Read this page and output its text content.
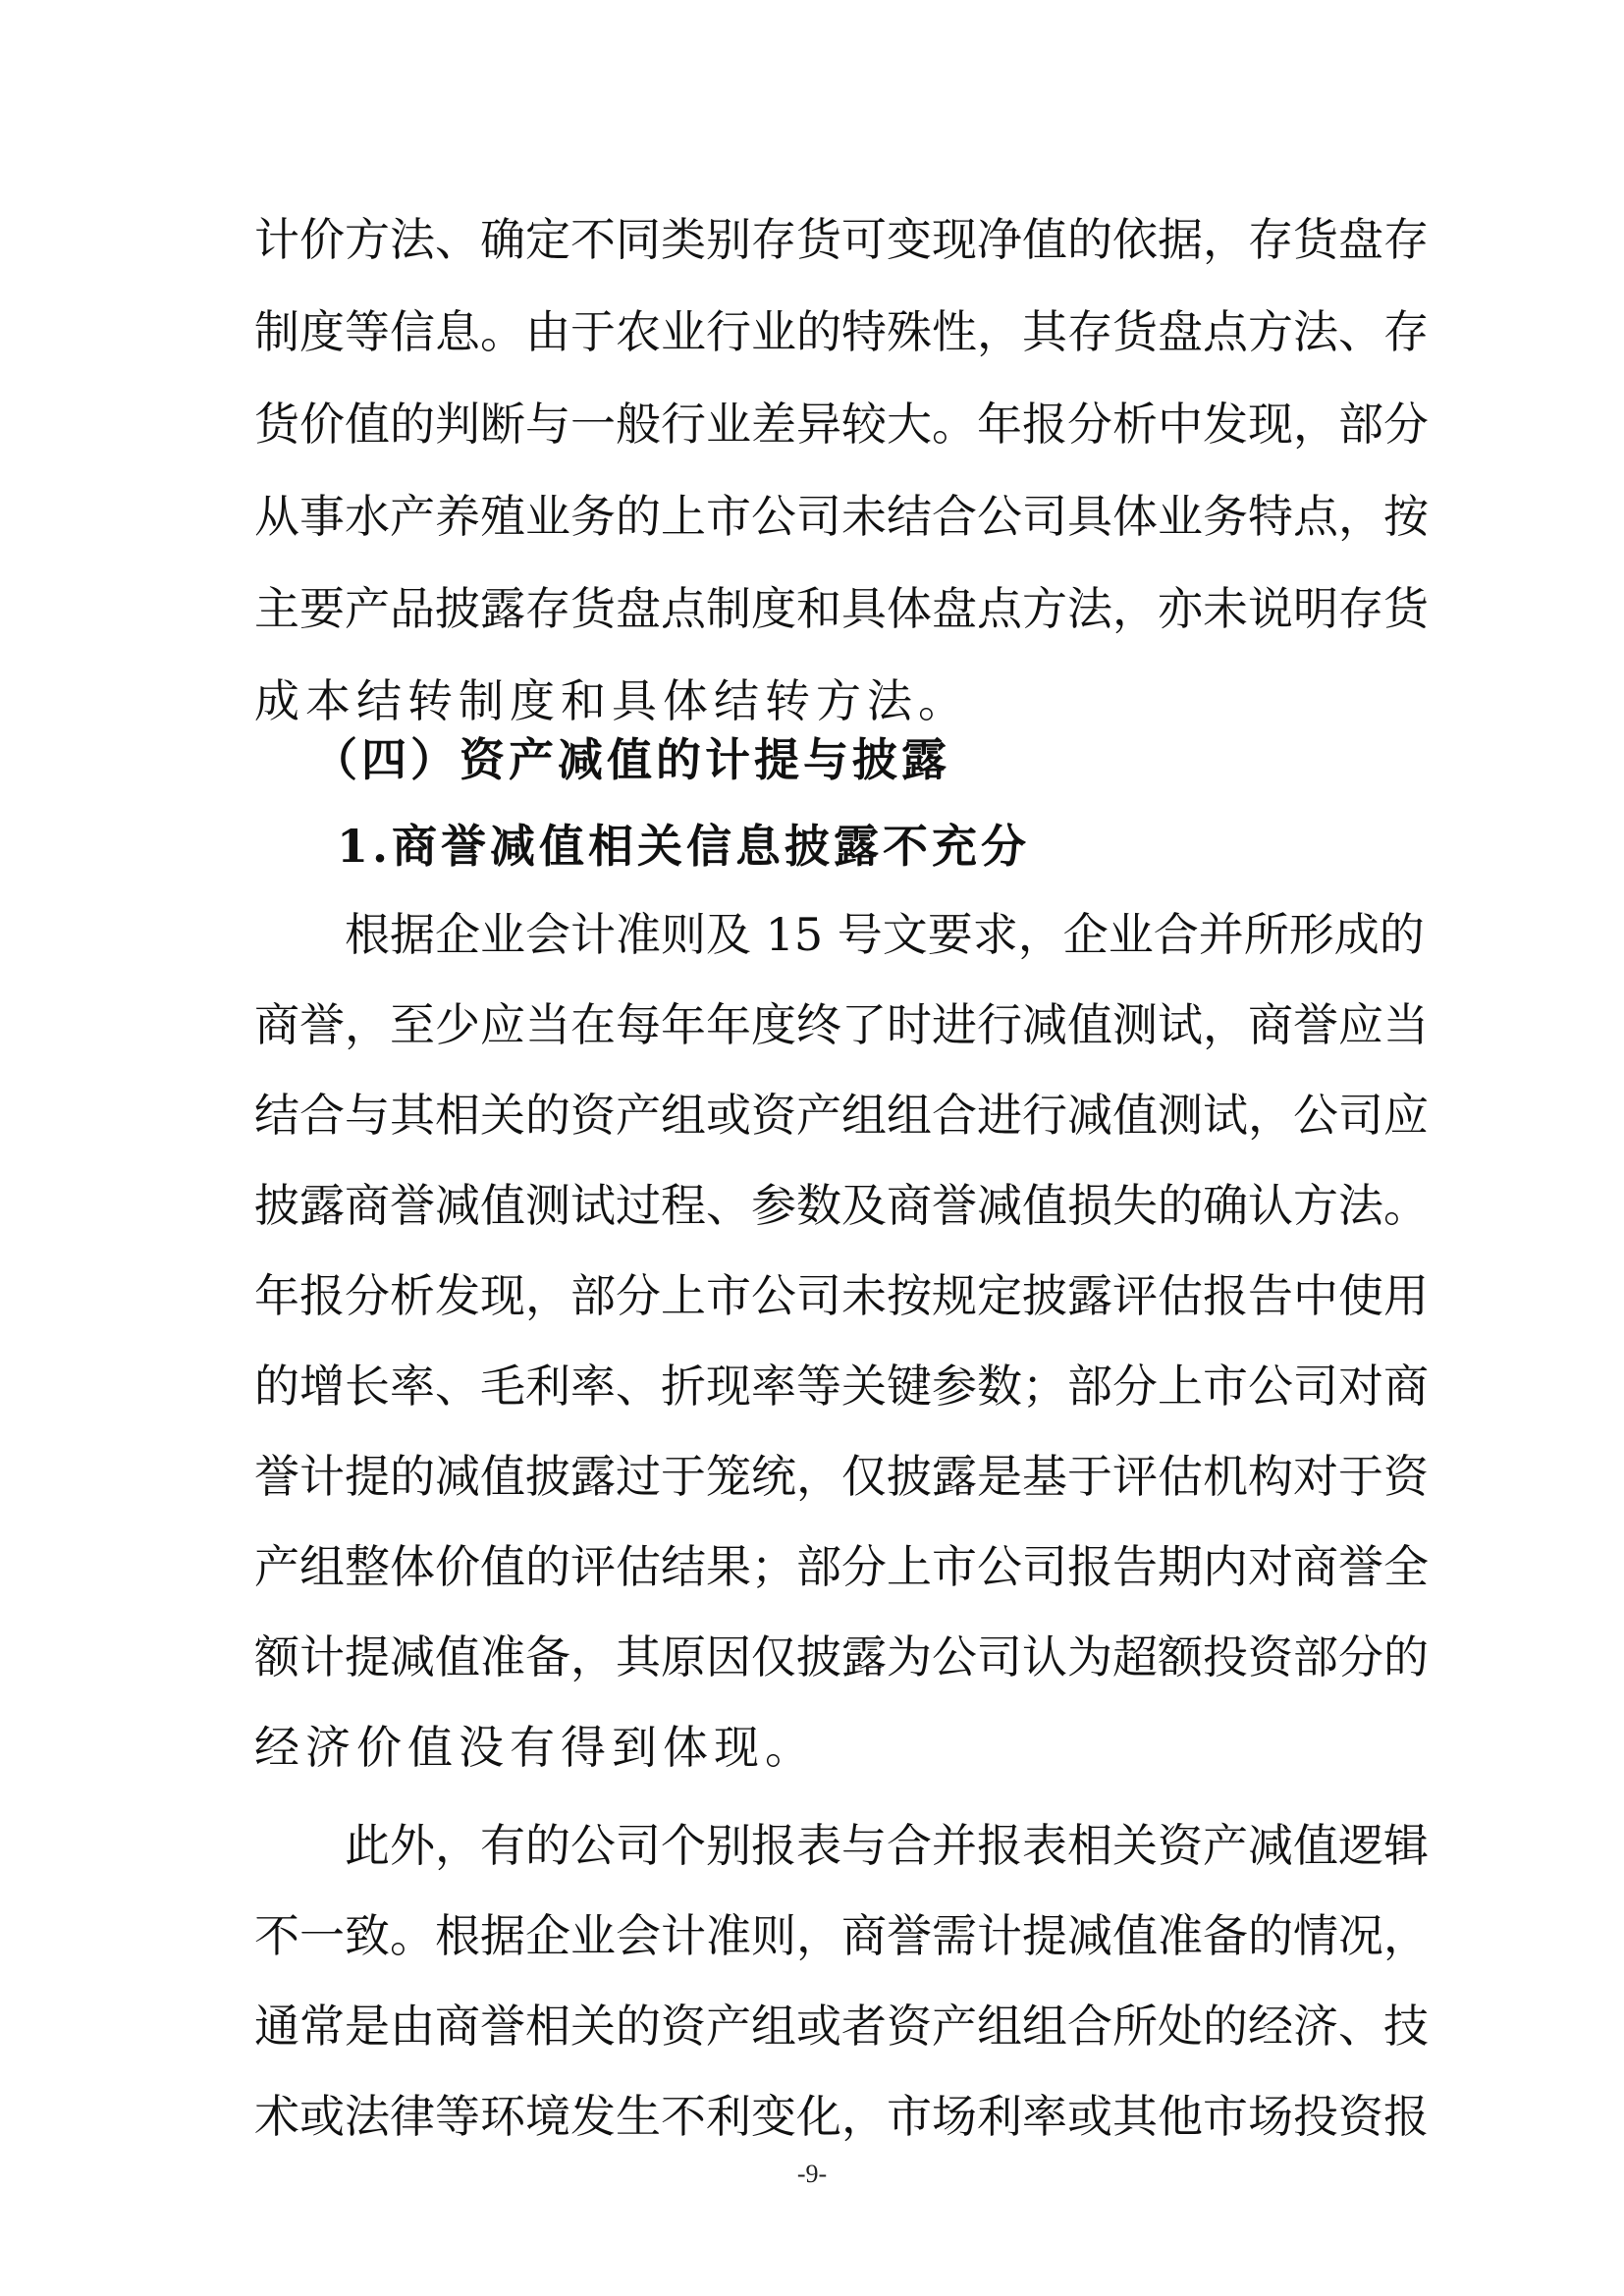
计价方法、确定不同类别存货可变现净值的依据，存货盘存
制度等信息。由于农业行业的特殊性，其存货盘点方法、存
货价值的判断与一般行业差异较大。年报分析中发现，部分
从事水产养殖业务的上市公司未结合公司具体业务特点，按
主要产品披露存货盘点制度和具体盘点方法，亦未说明存货
成本结转制度和具体结转方法。
（四）资产减值的计提与披露
1.商誉减值相关信息披露不充分
根据企业会计准则及 15 号文要求，企业合并所形成的
商誉，至少应当在每年年度终了时进行减值测试，商誉应当
结合与其相关的资产组或资产组组合进行减值测试，公司应
披露商誉减值测试过程、参数及商誉减值损失的确认方法。
年报分析发现，部分上市公司未按规定披露评估报告中使用
的增长率、毛利率、折现率等关键参数；部分上市公司对商
誉计提的减值披露过于笼统，仅披露是基于评估机构对于资
产组整体价值的评估结果；部分上市公司报告期内对商誉全
额计提减值准备，其原因仅披露为公司认为超额投资部分的
经济价值没有得到体现。
此外，有的公司个别报表与合并报表相关资产减值逻辑
不一致。根据企业会计准则，商誉需计提减值准备的情况，
通常是由商誉相关的资产组或者资产组组合所处的经济、技
术或法律等环境发生不利变化，市场利率或其他市场投资报
-9-
